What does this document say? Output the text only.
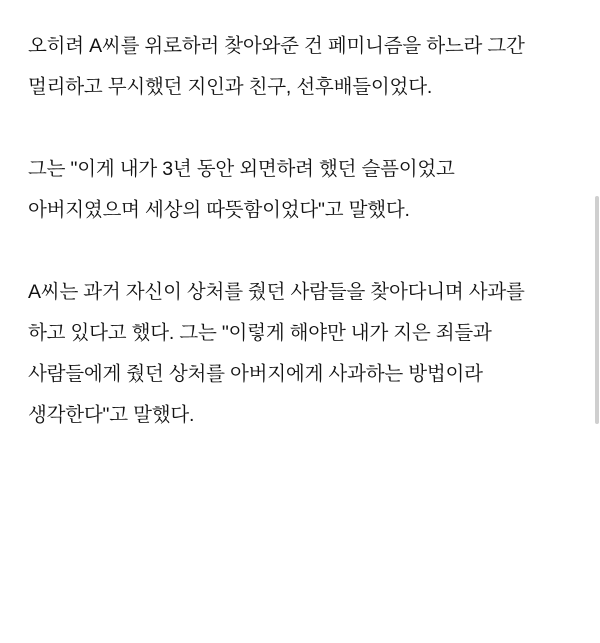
오히려 A씨를 위로하러 찾아와준 건 페미니즘을 하느라 그간 멀리하고 무시했던 지인과 친구, 선후배들이었다.

그는 "이게 내가 3년 동안 외면하려 했던 슬픔이었고 아버지였으며 세상의 따뜻함이었다"고 말했다.

A씨는 과거 자신이 상처를 줬던 사람들을 찾아다니며 사과를 하고 있다고 했다. 그는 "이렇게 해야만 내가 지은 죄들과 사람들에게 줬던 상처를 아버지에게 사과하는 방법이라 생각한다"고 말했다.
